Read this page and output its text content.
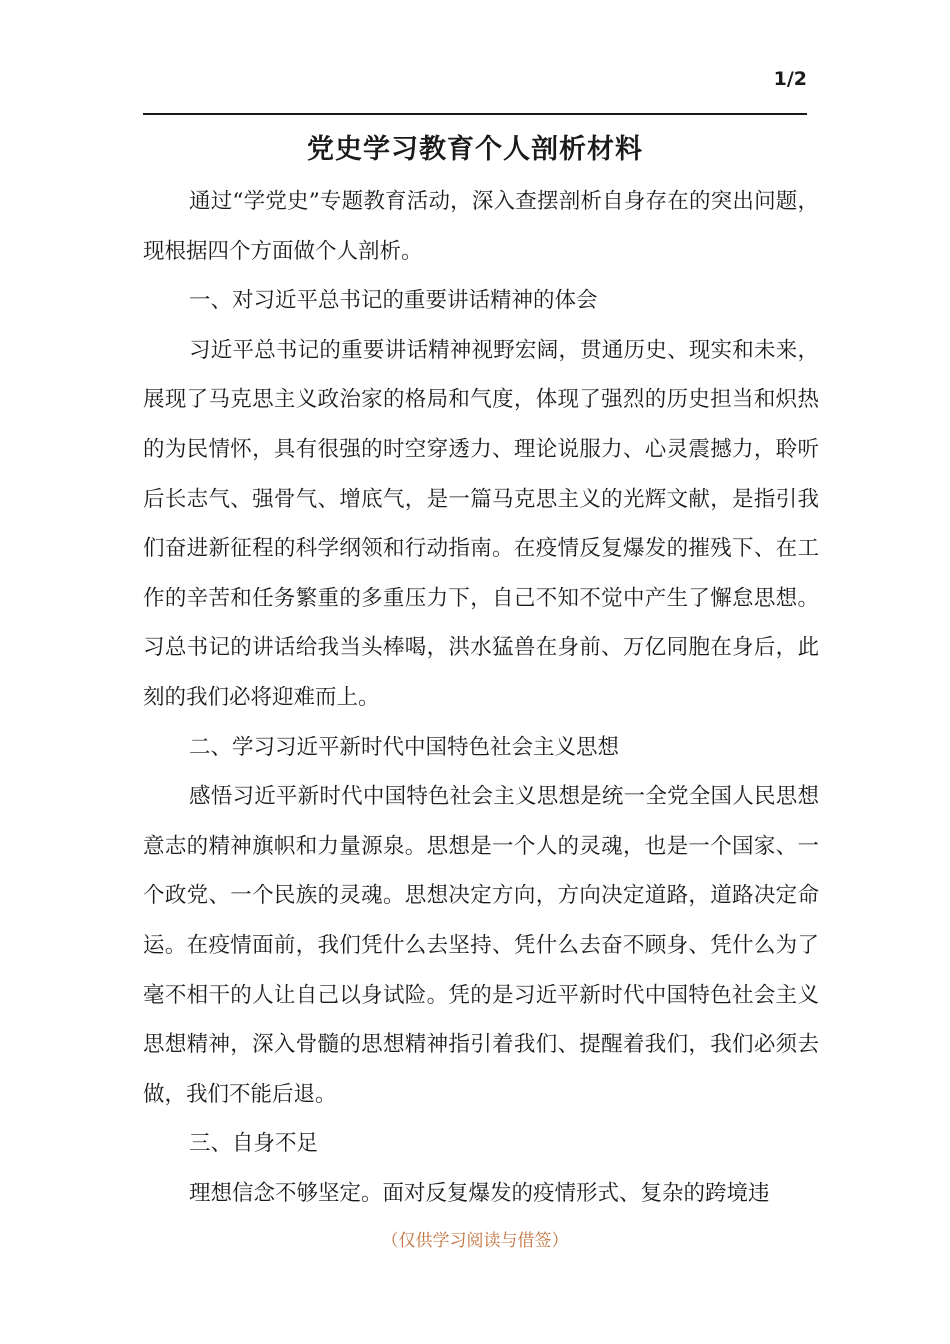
1/2
党史学习教育个人剖析材料

通过“学党史”专题教育活动，深入查摆剖析自身存在的突出问题，现根据四个方面做个人剖析。

一、对习近平总书记的重要讲话精神的体会

习近平总书记的重要讲话精神视野宏阔，贯通历史、现实和未来，展现了马克思主义政治家的格局和气度，体现了强烈的历史担当和炽热的为民情怀，具有很强的时空穿透力、理论说服力、心灵震撼力，聆听后长志气、强骨气、增底气，是一篇马克思主义的光辉文献，是指引我们奋进新征程的科学纲领和行动指南。在疫情反复爆发的摧残下、在工作的辛苦和任务繁重的多重压力下，自己不知不觉中产生了懈怠思想。习总书记的讲话给我当头棒喝，洪水猛兽在身前、万亿同胞在身后，此刻的我们必将迎难而上。

二、学习习近平新时代中国特色社会主义思想

感悟习近平新时代中国特色社会主义思想是统一全党全国人民思想意志的精神旗帜和力量源泉。思想是一个人的灵魂，也是一个国家、一个政党、一个民族的灵魂。思想决定方向，方向决定道路，道路决定命运。在疫情面前，我们凭什么去坚持、凭什么去奋不顾身、凭什么为了毫不相干的人让自己以身试险。凭的是习近平新时代中国特色社会主义思想精神，深入骨髓的思想精神指引着我们、提醒着我们，我们必须去做，我们不能后退。

三、自身不足

理想信念不够坚定。面对反复爆发的疫情形式、复杂的跨境违

（仅供学习阅读与借签）
